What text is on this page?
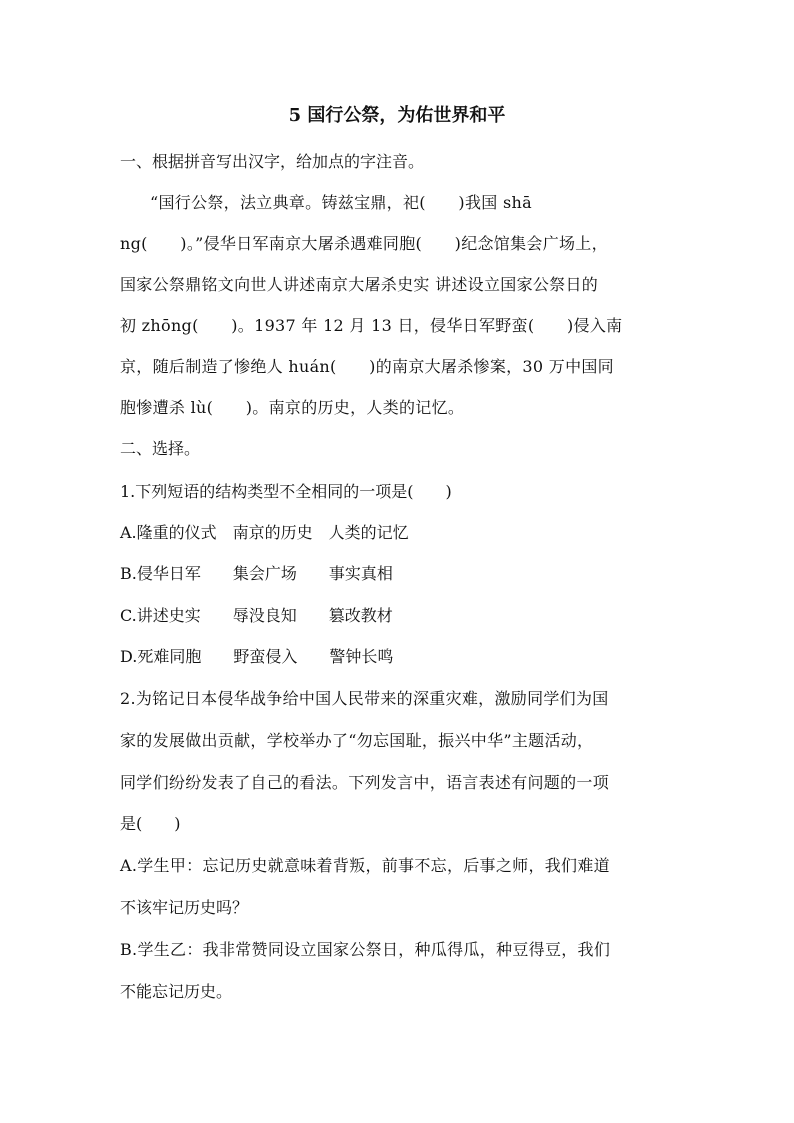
5 国行公祭，为佑世界和平
一、根据拼音写出汉字，给加点的字注音。
“国行公祭，法立典章。铸兹宝鼎，祀(　　)我国 shā
ng(　　)。”侵华日军南京大屠杀遇难同胞(　　)纪念馆集会广场上，
国家公祭鼎铭文向世人讲述南京大屠杀史实 讲述设立国家公祭日的
初 zhōng(　　)。1937 年 12 月 13 日，侵华日军野蛮(　　)侵入南
京，随后制造了惨绝人 huán(　　)的南京大屠杀惨案，30 万中国同
胞惨遭杀 lù(　　)。南京的历史，人类的记忆。
二、选择。
1.下列短语的结构类型不全相同的一项是(　　)
A.隆重的仪式　南京的历史　人类的记忆
B.侵华日军　　集会广场　　事实真相
C.讲述史实　　辱没良知　　篡改教材
D.死难同胞　　野蛮侵入　　警钟长鸣
2.为铭记日本侵华战争给中国人民带来的深重灾难，激励同学们为国
家的发展做出贡献，学校举办了“勿忘国耻，振兴中华”主题活动，
同学们纷纷发表了自己的看法。下列发言中，语言表述有问题的一项
是(　　)
A.学生甲：忘记历史就意味着背叛，前事不忘，后事之师，我们难道
不该牢记历史吗？
B.学生乙：我非常赞同设立国家公祭日，种瓜得瓜，种豆得豆，我们
不能忘记历史。
